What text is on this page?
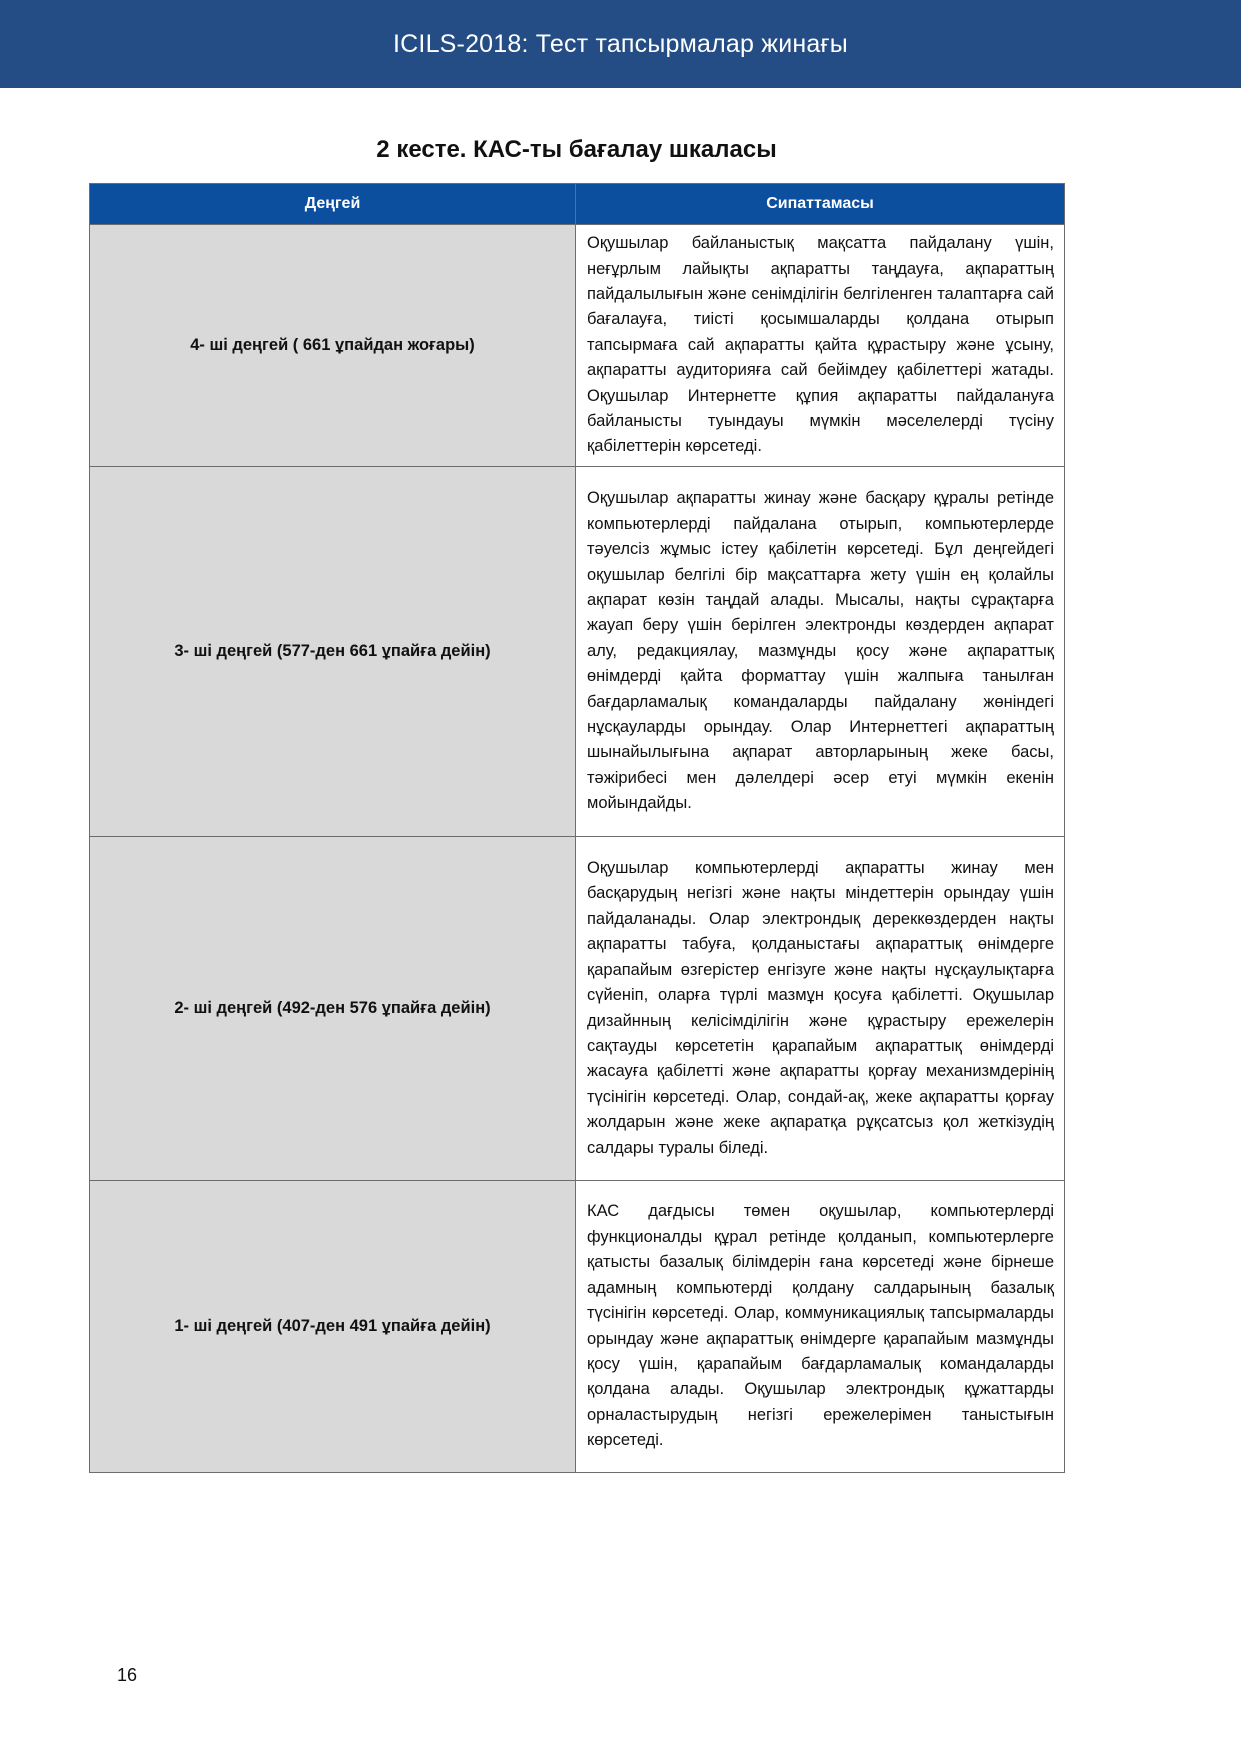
ICILS-2018: Тест тапсырмалар жинағы
2 кесте. КАС-ты бағалау шкаласы
Деңгей	Сипаттамасы
4- ші деңгей ( 661 ұпайдан жоғары)	Оқушылар байланыстық мақсатта пайдалану үшін, неғұрлым лайықты ақпаратты таңдауға, ақпараттың пайдалылығын және сенімділігін белгіленген талаптарға сай бағалауға, тиісті қосымшаларды қолдана отырып тапсырмаға сай ақпаратты қайта құрастыру және ұсыну, ақпаратты аудиторияға сай бейімдеу қабілеттері жатады. Оқушылар Интернетте құпия ақпаратты пайдалануға байланысты туындауы мүмкін мәселелерді түсіну қабілеттерін көрсетеді.
3- ші деңгей (577-ден 661 ұпайға дейін)	Оқушылар ақпаратты жинау және басқару құралы ретінде компьютерлерді пайдалана отырып, компьютерлерде тәуелсіз жұмыс істеу қабілетін көрсетеді. Бұл деңгейдегі оқушылар белгілі бір мақсаттарға жету үшін ең қолайлы ақпарат көзін таңдай алады. Мысалы, нақты сұрақтарға жауап беру үшін берілген электронды көздерден ақпарат алу, редакциялау, мазмұнды қосу және ақпараттық өнімдерді қайта форматтау үшін жалпыға танылған бағдарламалық командаларды пайдалану жөніндегі нұсқауларды орындау. Олар Интернеттегі ақпараттың шынайылығына ақпарат авторларының жеке басы, тәжірибесі мен дәлелдері әсер етуі мүмкін екенін мойындайды.
2- ші деңгей (492-ден 576 ұпайға дейін)	Оқушылар компьютерлерді ақпаратты жинау мен басқарудың негізгі және нақты міндеттерін орындау үшін пайдаланады. Олар электрондық дереккөздерден нақты ақпаратты табуға, қолданыстағы ақпараттық өнімдерге қарапайым өзгерістер енгізуге және нақты нұсқаулықтарға сүйеніп, оларға түрлі мазмұн қосуға қабілетті. Оқушылар дизайнның келісімділігін және құрастыру ережелерін сақтауды көрсететін қарапайым ақпараттық өнімдерді жасауға қабілетті және ақпаратты қорғау механизмдерінің түсінігін көрсетеді. Олар, сондай-ақ, жеке ақпаратты қорғау жолдарын және жеке ақпаратқа рұқсатсыз қол жеткізудің салдары туралы біледі.
1- ші деңгей (407-ден 491 ұпайға дейін)	КАС дағдысы төмен оқушылар, компьютерлерді функционалды құрал ретінде қолданып, компьютерлерге қатысты базалық білімдерін ғана көрсетеді және бірнеше адамның компьютерді қолдану салдарының базалық түсінігін көрсетеді. Олар, коммуникациялық тапсырмаларды орындау және ақпараттық өнімдерге қарапайым мазмұнды қосу үшін, қарапайым бағдарламалық командаларды қолдана алады. Оқушылар электрондық құжаттарды орналастырудың негізгі ережелерімен таныстығын көрсетеді.
16
